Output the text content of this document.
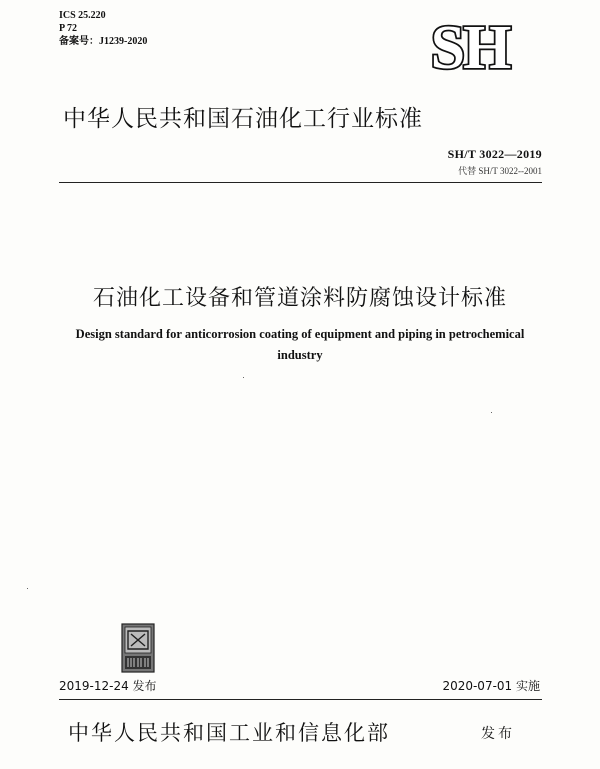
ICS 25.220
P 72
备案号：J1239-2020	SH
中华人民共和国石油化工行业标准
SH/T 3022—2019
代替 SH/T 3022--2001
石油化工设备和管道涂料防腐蚀设计标准
Design standard for anticorrosion coating of equipment and piping in petrochemical industry
2019-12-24 发布	2020-07-01 实施
中华人民共和国工业和信息化部	发布
